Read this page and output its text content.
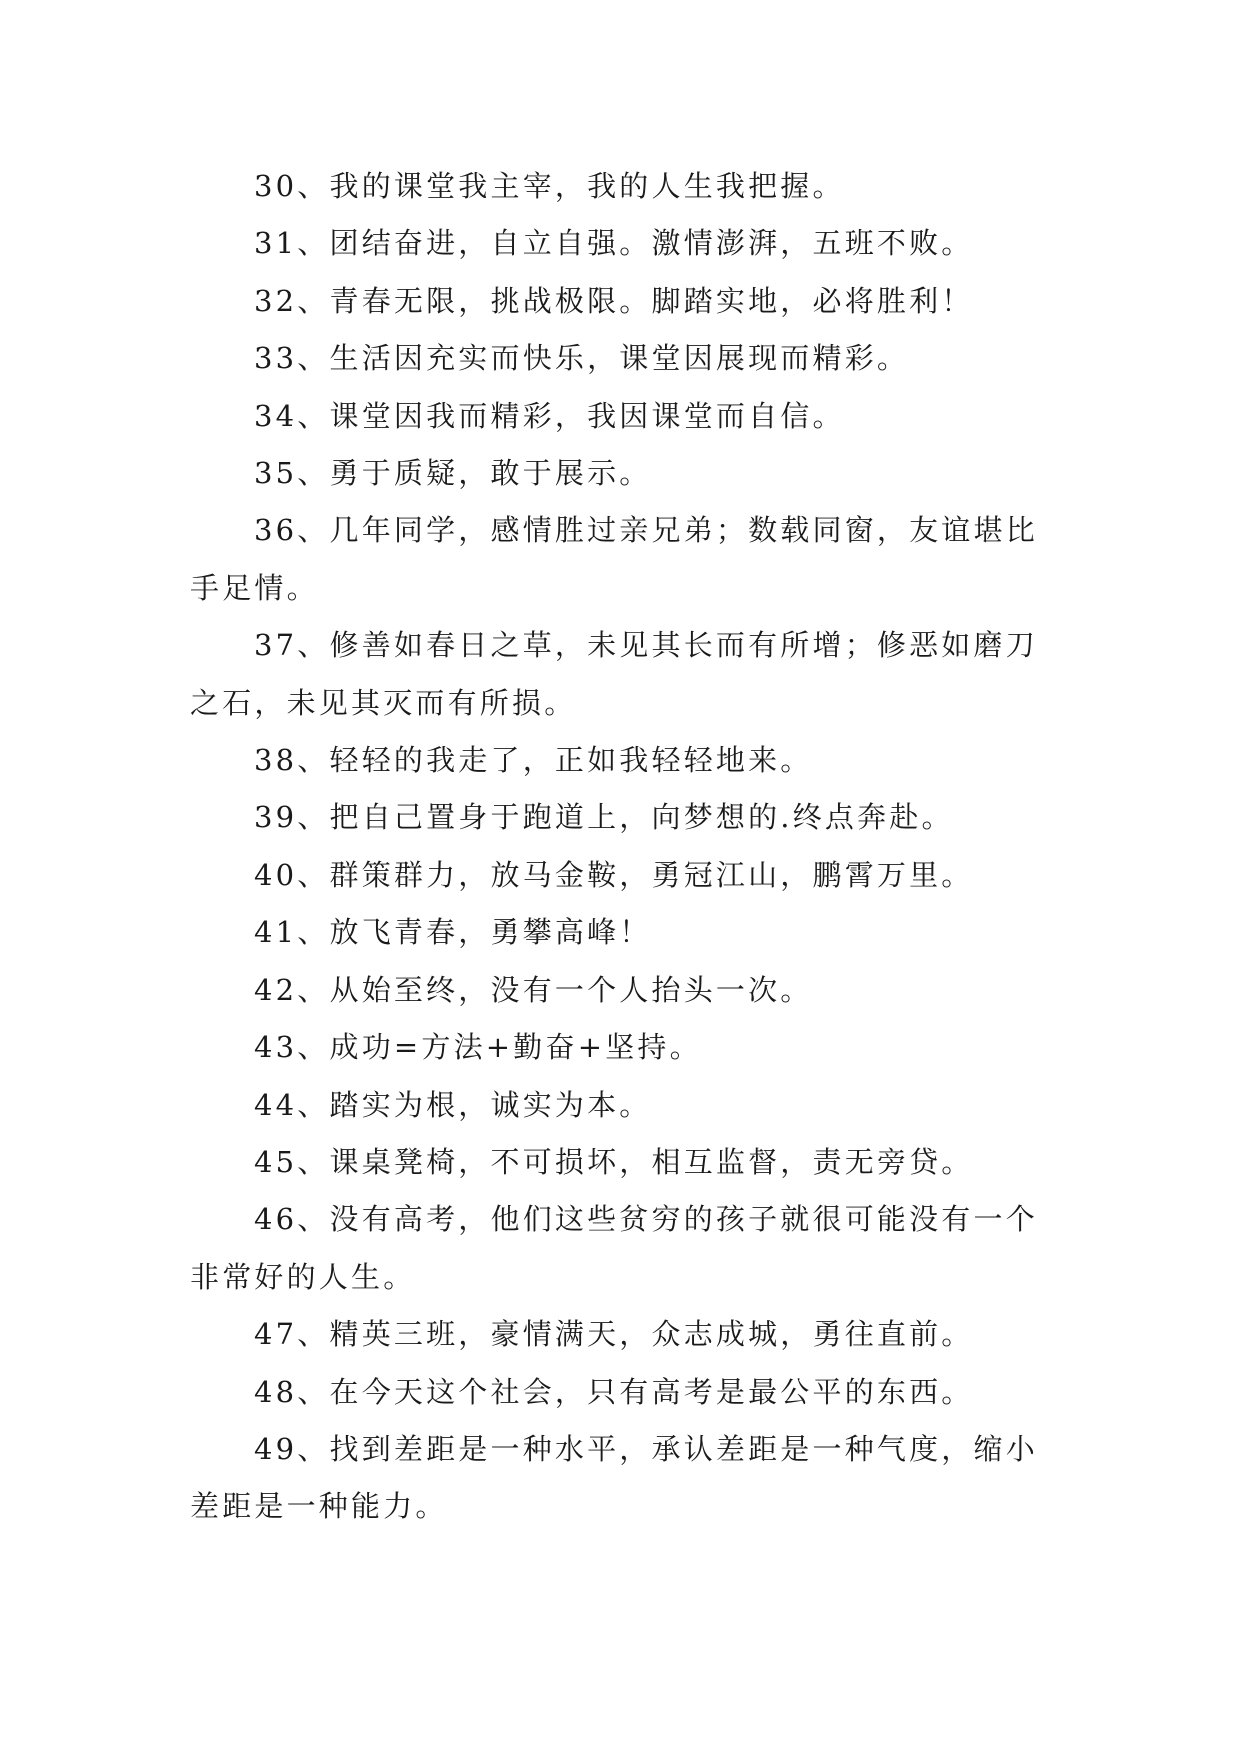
30、我的课堂我主宰，我的人生我把握。

31、团结奋进，自立自强。激情澎湃，五班不败。

32、青春无限，挑战极限。脚踏实地，必将胜利！

33、生活因充实而快乐，课堂因展现而精彩。

34、课堂因我而精彩，我因课堂而自信。

35、勇于质疑，敢于展示。

36、几年同学，感情胜过亲兄弟；数载同窗，友谊堪比手足情。

37、修善如春日之草，未见其长而有所增；修恶如磨刀之石，未见其灭而有所损。

38、轻轻的我走了，正如我轻轻地来。

39、把自己置身于跑道上，向梦想的.终点奔赴。

40、群策群力，放马金鞍，勇冠江山，鹏霄万里。

41、放飞青春，勇攀高峰！

42、从始至终，没有一个人抬头一次。

43、成功=方法+勤奋+坚持。

44、踏实为根，诚实为本。

45、课桌凳椅，不可损坏，相互监督，责无旁贷。

46、没有高考，他们这些贫穷的孩子就很可能没有一个非常好的人生。

47、精英三班，豪情满天，众志成城，勇往直前。

48、在今天这个社会，只有高考是最公平的东西。

49、找到差距是一种水平，承认差距是一种气度，缩小差距是一种能力。
